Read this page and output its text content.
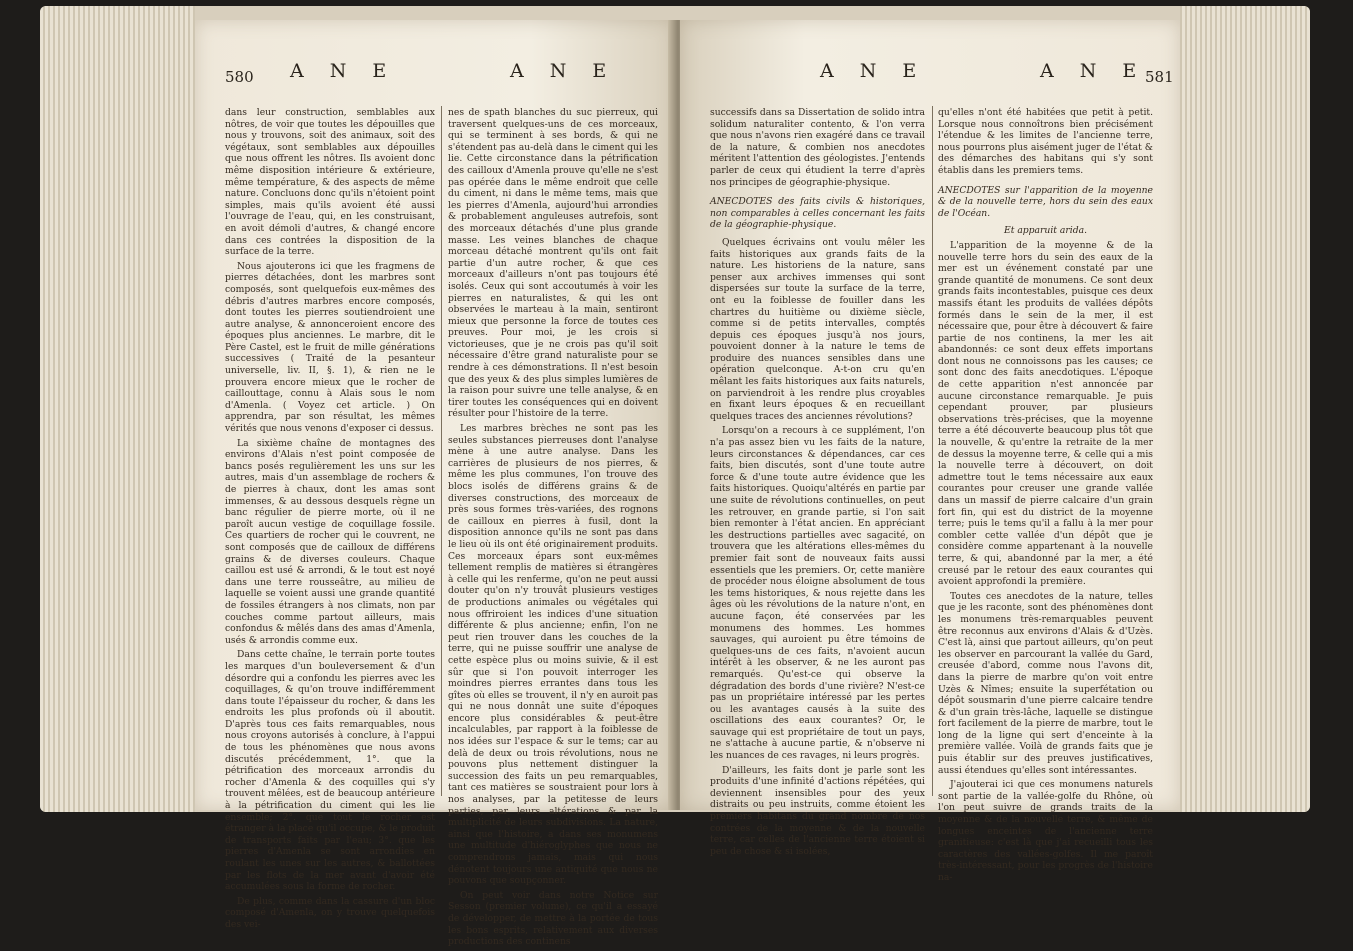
580 A N E	A N E

dans leur construction, semblables aux nôtres, de voir que toutes les dépouilles que nous y trouvons, soit des animaux, soit des végétaux, sont semblables aux dépouilles que nous offrent les nôtres. Ils avoient donc même disposition intérieure & extérieure, même température, & des aspects de même nature. Concluons donc qu'ils n'étoient point simples, mais qu'ils avoient été aussi l'ouvrage de l'eau, qui, en les construisant, en avoit démoli d'autres, & changé encore dans ces contrées la disposition de la surface de la terre.

Nous ajouterons ici que les fragmens de pierres détachées, dont les marbres sont composés, sont quelquefois eux-mêmes des débris d'autres marbres encore composés, dont toutes les pierres soutiendroient une autre analyse, & annonceroient encore des époques plus anciennes. Le marbre, dit le Père Castel, est le fruit de mille générations successives ( Traité de la pesanteur universelle, liv. II, §. 1), & rien ne le prouvera encore mieux que le rocher de caillouttage, connu à Alais sous le nom d'Amenla. ( Voyez cet article. ) On apprendra, par son résultat, les mêmes vérités que nous venons d'exposer ci dessus.

La sixième chaîne de montagnes des environs d'Alais n'est point composée de bancs posés regulièrement les uns sur les autres, mais d'un assemblage de rochers & de pierres à chaux, dont les amas sont immenses, & au dessous desquels règne un banc régulier de pierre morte, où il ne paroît aucun vestige de coquillage fossile. Ces quartiers de rocher qui le couvrent, ne sont composés que de cailloux de différens grains & de diverses couleurs. Chaque caillou est usé & arrondi, & le tout est noyé dans une terre rousseâtre, au milieu de laquelle se voient aussi une grande quantité de fossiles étrangers à nos climats, non par couches comme partout ailleurs, mais confondus & mêlés dans des amas d'Amenla, usés & arrondis comme eux.

Dans cette chaîne, le terrain porte toutes les marques d'un bouleversement & d'un désordre qui a confondu les pierres avec les coquillages, & qu'on trouve indifféremment dans toute l'épaisseur du rocher, & dans les endroits les plus profonds où il aboutit. D'après tous ces faits remarquables, nous nous croyons autorisés à conclure, à l'appui de tous les phénomènes que nous avons discutés précédemment, 1°. que la pétrification des morceaux arrondis du rocher d'Amenla & des coquilles qui s'y trouvent mêlées, est de beaucoup antérieure à la pétrification du ciment qui les lie ensemble; 2°. que tout le rocher est étranger à la place qu'il occupe, & le produit de transports faits par l'eau; 3°. que les pierres d'Amenla se sont arrondies en roulant les unes sur les autres, & ballottées par les flots de la mer avant d'avoir été accumulées sous la forme de rocher.

De plus, comme dans la cassure d'un bloc composé d'Amenla, on y trouve quelquefois des vei-

nes de spath blanches du suc pierreux, qui traversent quelques-uns de ces morceaux, qui se terminent à ses bords, & qui ne s'étendent pas au-delà dans le ciment qui les lie. Cette circonstance dans la pétrification des cailloux d'Amenla prouve qu'elle ne s'est pas opérée dans le même endroit que celle du ciment, ni dans le même tems, mais que les pierres d'Amenla, aujourd'hui arrondies & probablement anguleuses autrefois, sont des morceaux détachés d'une plus grande masse. Les veines blanches de chaque morceau détaché montrent qu'ils ont fait partie d'un autre rocher, & que ces morceaux d'ailleurs n'ont pas toujours été isolés. Ceux qui sont accoutumés à voir les pierres en naturalistes, & qui les ont observées le marteau à la main, sentiront mieux que personne la force de toutes ces preuves. Pour moi, je les crois si victorieuses, que je ne crois pas qu'il soit nécessaire d'être grand naturaliste pour se rendre à ces démonstrations. Il n'est besoin que des yeux & des plus simples lumières de la raison pour suivre une telle analyse, & en tirer toutes les conséquences qui en doivent résulter pour l'histoire de la terre.

Les marbres brèches ne sont pas les seules substances pierreuses dont l'analyse mène à une autre analyse. Dans les carrières de plusieurs de nos pierres, & même les plus communes, l'on trouve des blocs isolés de différens grains & de diverses constructions, des morceaux de près sous formes très-variées, des rognons de cailloux en pierres à fusil, dont la disposition annonce qu'ils ne sont pas dans le lieu où ils ont été originairement produits. Ces morceaux épars sont eux-mêmes tellement remplis de matières si étrangères à celle qui les renferme, qu'on ne peut aussi douter qu'on n'y trouvât plusieurs vestiges de productions animales ou végétales qui nous offriroient les indices d'une situation différente & plus ancienne; enfin, l'on ne peut rien trouver dans les couches de la terre, qui ne puisse souffrir une analyse de cette espèce plus ou moins suivie, & il est sûr que si l'on pouvoit interroger les moindres pierres errantes dans tous les gîtes où elles se trouvent, il n'y en auroit pas qui ne nous donnât une suite d'époques encore plus considérables & peut-être incalculables, par rapport à la foiblesse de nos idées sur l'espace & sur le tems; car au delà de deux ou trois révolutions, nous ne pouvons plus nettement distinguer la succession des faits un peu remarquables, tant ces matières se soustraient pour lors à nos analyses, par la petitesse de leurs parties, par leurs altérations & par la multiplicité de leurs subdivisions. La nature, ainsi que l'histoire, a dans ses monumens une multitude d'hiéroglyphes que nous ne comprendrons jamais, mais qui nous dénotent toujours une antiquité que nous ne pouvons que soupçonner.

On peut voir dans notre Notice sur Sesson (premier volume), ce qu'il a essayé de développer, de mettre à la portée de tous les bons esprits, relativement aux diverses productions des continens

A N E	A N E
581

successifs dans sa Dissertation de solido intra solidum naturaliter contento, & l'on verra que nous n'avons rien exagéré dans ce travail de la nature, & combien nos anecdotes méritent l'attention des géologistes. J'entends parler de ceux qui étudient la terre d'après nos principes de géographie-physique.

ANECDOTES des faits civils & historiques, non comparables à celles concernant les faits de la géographie-physique.

Quelques écrivains ont voulu mêler les faits historiques aux grands faits de la nature. Les historiens de la nature, sans penser aux archives immenses qui sont dispersées sur toute la surface de la terre, ont eu la foiblesse de fouiller dans les chartres du huitième ou dixième siècle, comme si de petits intervalles, comptés depuis ces époques jusqu'à nos jours, pouvoient donner à la nature le tems de produire des nuances sensibles dans une opération quelconque. A-t-on cru qu'en mêlant les faits historiques aux faits naturels, on parviendroit à les rendre plus croyables en fixant leurs époques & en recueillant quelques traces des anciennes révolutions?

Lorsqu'on a recours à ce supplément, l'on n'a pas assez bien vu les faits de la nature, leurs circonstances & dépendances, car ces faits, bien discutés, sont d'une toute autre force & d'une toute autre évidence que les faits historiques. Quoiqu'altérés en partie par une suite de révolutions continuelles, on peut les retrouver, en grande partie, si l'on sait bien remonter à l'état ancien. En appréciant les destructions partielles avec sagacité, on trouvera que les altérations elles-mêmes du premier fait sont de nouveaux faits aussi essentiels que les premiers. Or, cette manière de procéder nous éloigne absolument de tous les tems historiques, & nous rejette dans les âges où les révolutions de la nature n'ont, en aucune façon, été conservées par les monumens des hommes. Les hommes sauvages, qui auroient pu être témoins de quelques-uns de ces faits, n'avoient aucun intérêt à les observer, & ne les auront pas remarqués. Qu'est-ce qui observe la dégradation des bords d'une rivière? N'est-ce pas un propriétaire intéressé par les pertes ou les avantages causés à la suite des oscillations des eaux courantes? Or, le sauvage qui est propriétaire de tout un pays, ne s'attache à aucune partie, & n'observe ni les nuances de ces ravages, ni leurs progrès.

D'ailleurs, les faits dont je parle sont les produits d'une infinité d'actions répétées, qui deviennent insensibles pour des yeux distraits ou peu instruits, comme étoient les premiers habitans du grand nombre de nos contrées de la moyenne & de la nouvelle terre, car celles de l'ancienne terre étoient si peu de chose & si isolées,

qu'elles n'ont été habitées que petit à petit. Lorsque nous connoîtrons bien précisément l'étendue & les limites de l'ancienne terre, nous pourrons plus aisément juger de l'état & des démarches des habitans qui s'y sont établis dans les premiers tems.

ANECDOTES sur l'apparition de la moyenne & de la nouvelle terre, hors du sein des eaux de l'Océan.

Et apparuit arida.

L'apparition de la moyenne & de la nouvelle terre hors du sein des eaux de la mer est un événement constaté par une grande quantité de monumens. Ce sont deux grands faits incontestables, puisque ces deux massifs étant les produits de vallées dépôts formés dans le sein de la mer, il est nécessaire que, pour être à découvert & faire partie de nos continens, la mer les ait abandonnés: ce sont deux effets importans dont nous ne connoissons pas les causes; ce sont donc des faits anecdotiques. L'époque de cette apparition n'est annoncée par aucune circonstance remarquable. Je puis cependant prouver, par plusieurs observations très-précises, que la moyenne terre a été découverte beaucoup plus tôt que la nouvelle, & qu'entre la retraite de la mer de dessus la moyenne terre, & celle qui a mis la nouvelle terre à découvert, on doit admettre tout le tems nécessaire aux eaux courantes pour creuser une grande vallée dans un massif de pierre calcaire d'un grain fort fin, qui est du district de la moyenne terre; puis le tems qu'il a fallu à la mer pour combler cette vallée d'un dépôt que je considère comme appartenant à la nouvelle terre, & qui, abandonné par la mer, a été creusé par le retour des eaux courantes qui avoient approfondi la première.

Toutes ces anecdotes de la nature, telles que je les raconte, sont des phénomènes dont les monumens très-remarquables peuvent être reconnus aux environs d'Alais & d'Uzès. C'est là, ainsi que partout ailleurs, qu'on peut les observer en parcourant la vallée du Gard, creusée d'abord, comme nous l'avons dit, dans la pierre de marbre qu'on voit entre Uzès & Nîmes; ensuite la superfétation ou dépôt sousmarin d'une pierre calcaire tendre & d'un grain très-lâche, laquelle se distingue fort facilement de la pierre de marbre, tout le long de la ligne qui sert d'enceinte à la première vallée. Voilà de grands faits que je puis établir sur des preuves justificatives, aussi étendues qu'elles sont intéressantes.

J'ajouterai ici que ces monumens naturels sont partie de la vallée-golfe du Rhône, où l'on peut suivre de grands traits de la moyenne & de la nouvelle terre, & même de longues enceintes de l'ancienne terre granitieuse: c'est là que j'ai recueilli tous les caractères des vallées-golfes. Il me paroît très-intéressant, pour les progrès de l'histoire na-
